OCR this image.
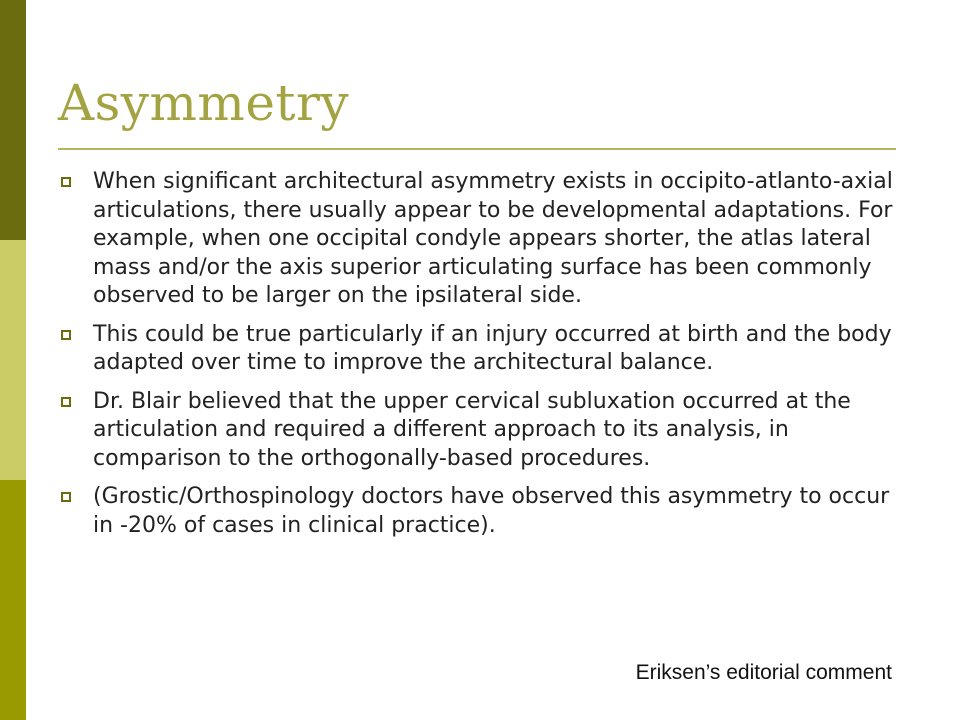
Asymmetry
When significant architectural asymmetry exists in occipito-atlanto-axial articulations, there usually appear to be developmental adaptations. For example, when one occipital condyle appears shorter, the atlas lateral mass and/or the axis superior articulating surface has been commonly observed to be larger on the ipsilateral side.
This could be true particularly if an injury occurred at birth and the body adapted over time to improve the architectural balance.
Dr. Blair believed that the upper cervical subluxation occurred at the articulation and required a different approach to its analysis, in comparison to the orthogonally-based procedures.
(Grostic/Orthospinology doctors have observed this asymmetry to occur in -20% of cases in clinical practice).
Eriksen’s editorial comment
